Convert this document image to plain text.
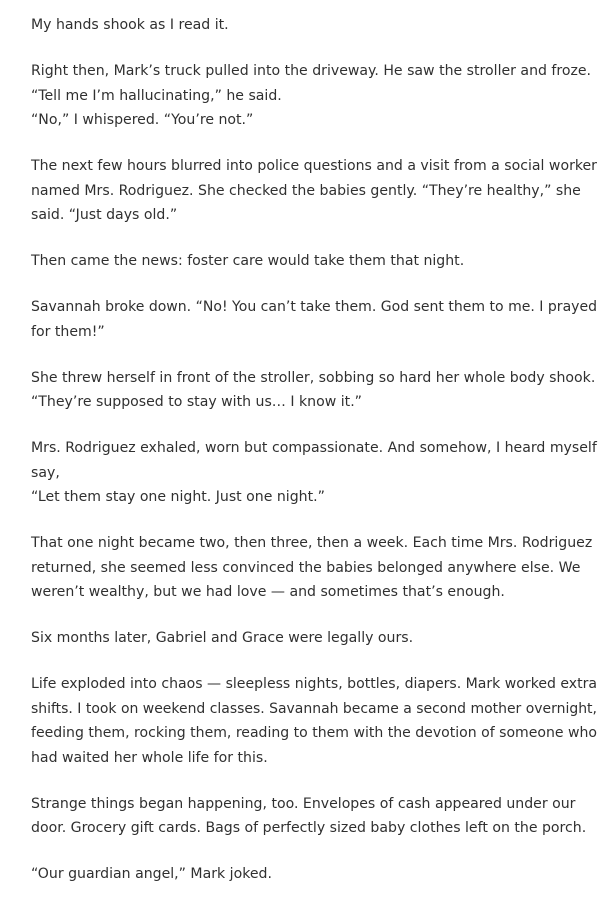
My hands shook as I read it.

Right then, Mark’s truck pulled into the driveway. He saw the stroller and froze.
“Tell me I’m hallucinating,” he said.
“No,” I whispered. “You’re not.”

The next few hours blurred into police questions and a visit from a social worker
named Mrs. Rodriguez. She checked the babies gently. “They’re healthy,” she
said. “Just days old.”

Then came the news: foster care would take them that night.

Savannah broke down. “No! You can’t take them. God sent them to me. I prayed
for them!”

She threw herself in front of the stroller, sobbing so hard her whole body shook.
“They’re supposed to stay with us… I know it.”

Mrs. Rodriguez exhaled, worn but compassionate. And somehow, I heard myself
say,
“Let them stay one night. Just one night.”

That one night became two, then three, then a week. Each time Mrs. Rodriguez
returned, she seemed less convinced the babies belonged anywhere else. We
weren’t wealthy, but we had love — and sometimes that’s enough.

Six months later, Gabriel and Grace were legally ours.

Life exploded into chaos — sleepless nights, bottles, diapers. Mark worked extra
shifts. I took on weekend classes. Savannah became a second mother overnight,
feeding them, rocking them, reading to them with the devotion of someone who
had waited her whole life for this.

Strange things began happening, too. Envelopes of cash appeared under our
door. Grocery gift cards. Bags of perfectly sized baby clothes left on the porch.

“Our guardian angel,” Mark joked.
